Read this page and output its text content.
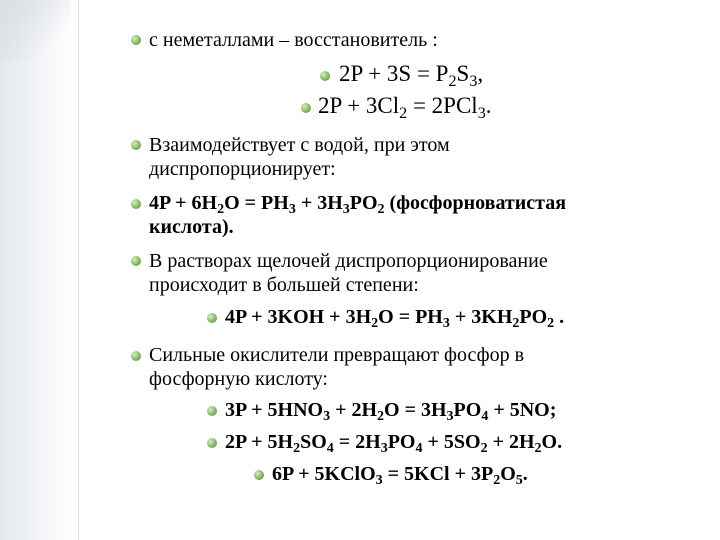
с неметаллами – восстановитель :
$2P + 3S = P_2S_3$,
$2P + 3Cl_2 = 2PCl_3$.
Взаимодействует с водой, при этом
диспропорционирует:
$4P + 6H_2O = PH_3 + 3H_3PO_2$ (фосфорноватистая
кислота).
В растворах щелочей диспропорционирование
происходит в большей степени:
$4P + 3KOH + 3H_2O = PH_3 + 3KH_2PO_2$ .
Сильные окислители превращают фосфор в
фосфорную кислоту:
$3P + 5HNO_3 + 2H_2O = 3H_3PO_4 + 5NO$;
$2P + 5H_2SO_4 = 2H_3PO_4 + 5SO_2 + 2H_2O$.
6P + 5KClO$_3$ = $5KCl + 3P_2O_5$.
